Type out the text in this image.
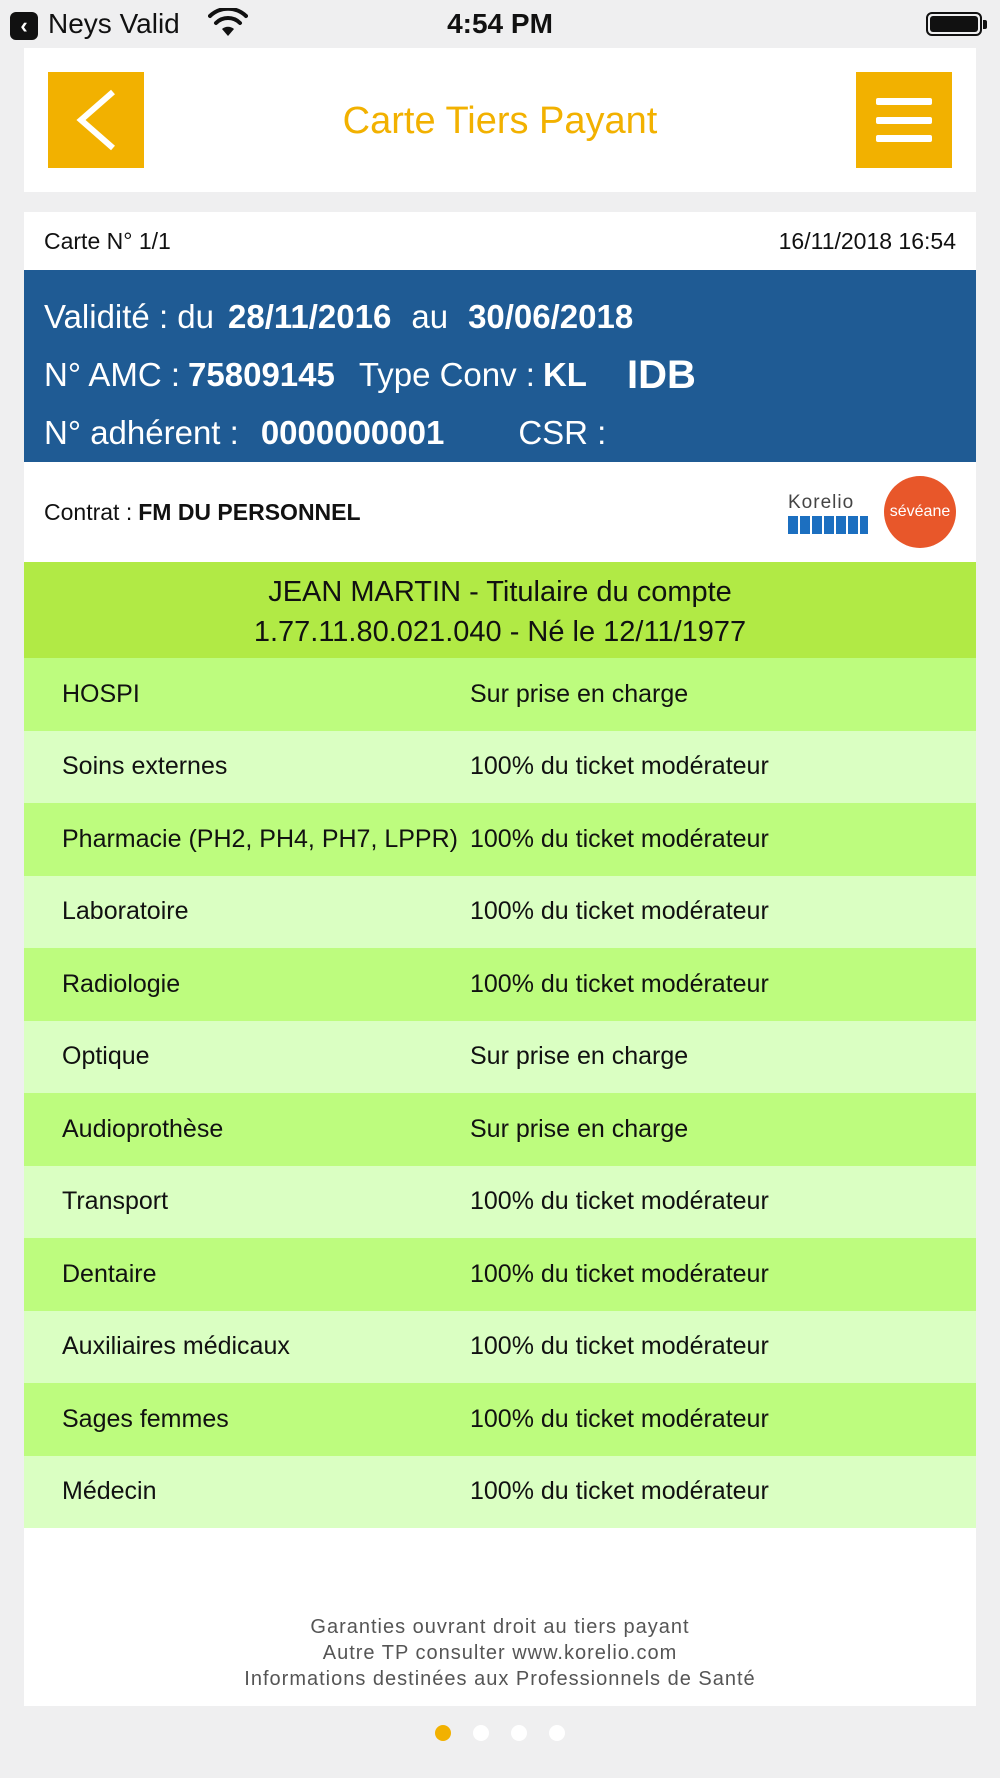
‹ Neys Valid	4:54 PM
Carte Tiers Payant
Carte N° 1/1	16/11/2018 16:54
Validité : du 28/11/2016 au 30/06/2018
N° AMC : 75809145 Type Conv : KL IDB
N° adhérent : 0000000001 CSR :
Contrat : FM DU PERSONNEL	Korelio	sévéane
JEAN MARTIN - Titulaire du compte
1.77.11.80.021.040 - Né le 12/11/1977
HOSPI	Sur prise en charge
Soins externes	100% du ticket modérateur
Pharmacie (PH2, PH4, PH7, LPPR) 100% du ticket modérateur
Laboratoire	100% du ticket modérateur
Radiologie	100% du ticket modérateur
Optique	Sur prise en charge
Audioprothèse	Sur prise en charge
Transport	100% du ticket modérateur
Dentaire	100% du ticket modérateur
Auxiliaires médicaux	100% du ticket modérateur
Sages femmes	100% du ticket modérateur
Médecin	100% du ticket modérateur
Garanties ouvrant droit au tiers payant
Autre TP consulter www.korelio.com
Informations destinées aux Professionnels de Santé
